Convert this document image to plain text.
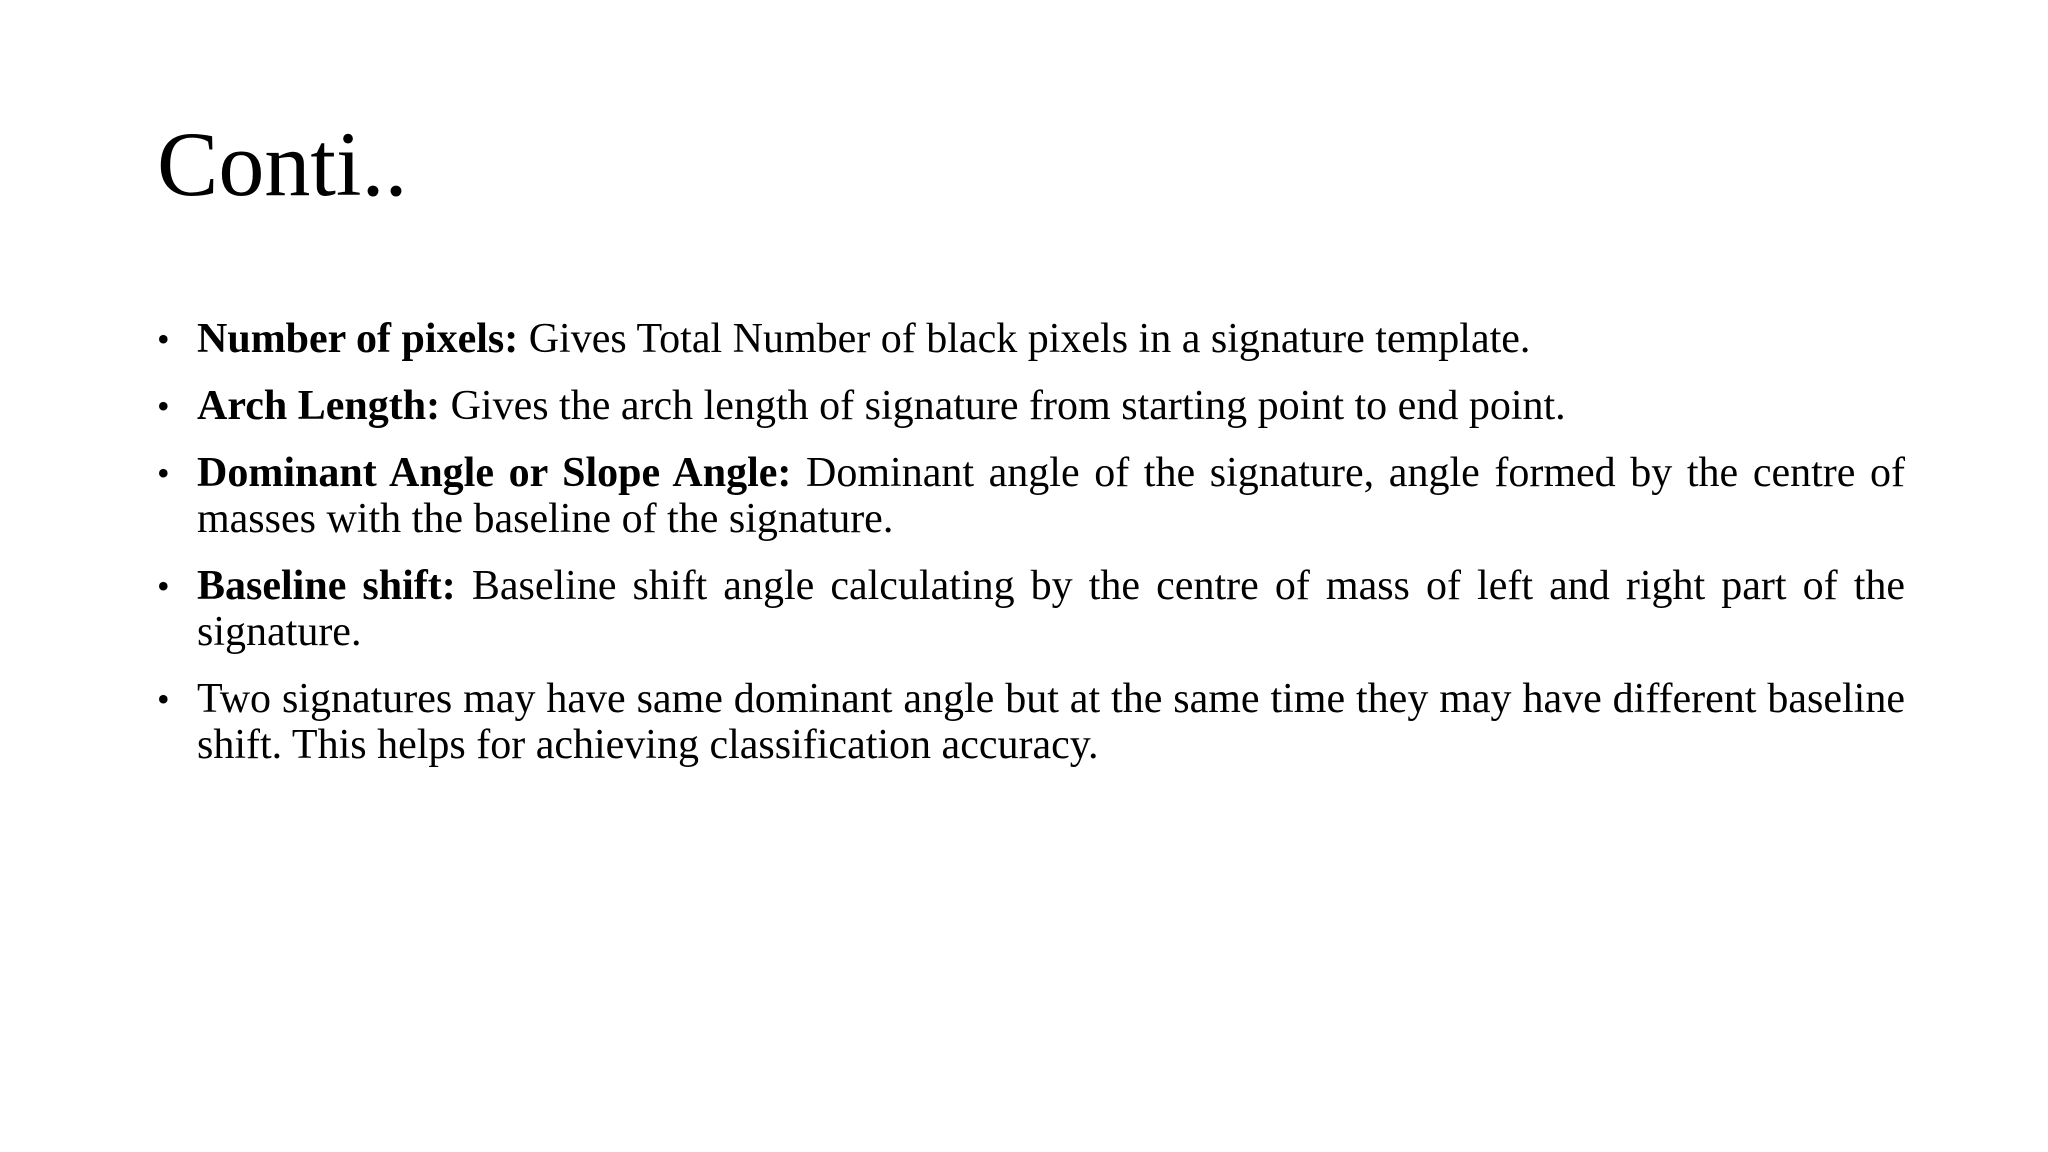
Conti..
• Number of pixels: Gives Total Number of black pixels in a signature template.
• Arch Length: Gives the arch length of signature from starting point to end point.
• Dominant Angle or Slope Angle: Dominant angle of the signature, angle formed by the centre of masses with the baseline of the signature.
• Baseline shift: Baseline shift angle calculating by the centre of mass of left and right part of the signature.
• Two signatures may have same dominant angle but at the same time they may have different baseline shift. This helps for achieving classification accuracy.
